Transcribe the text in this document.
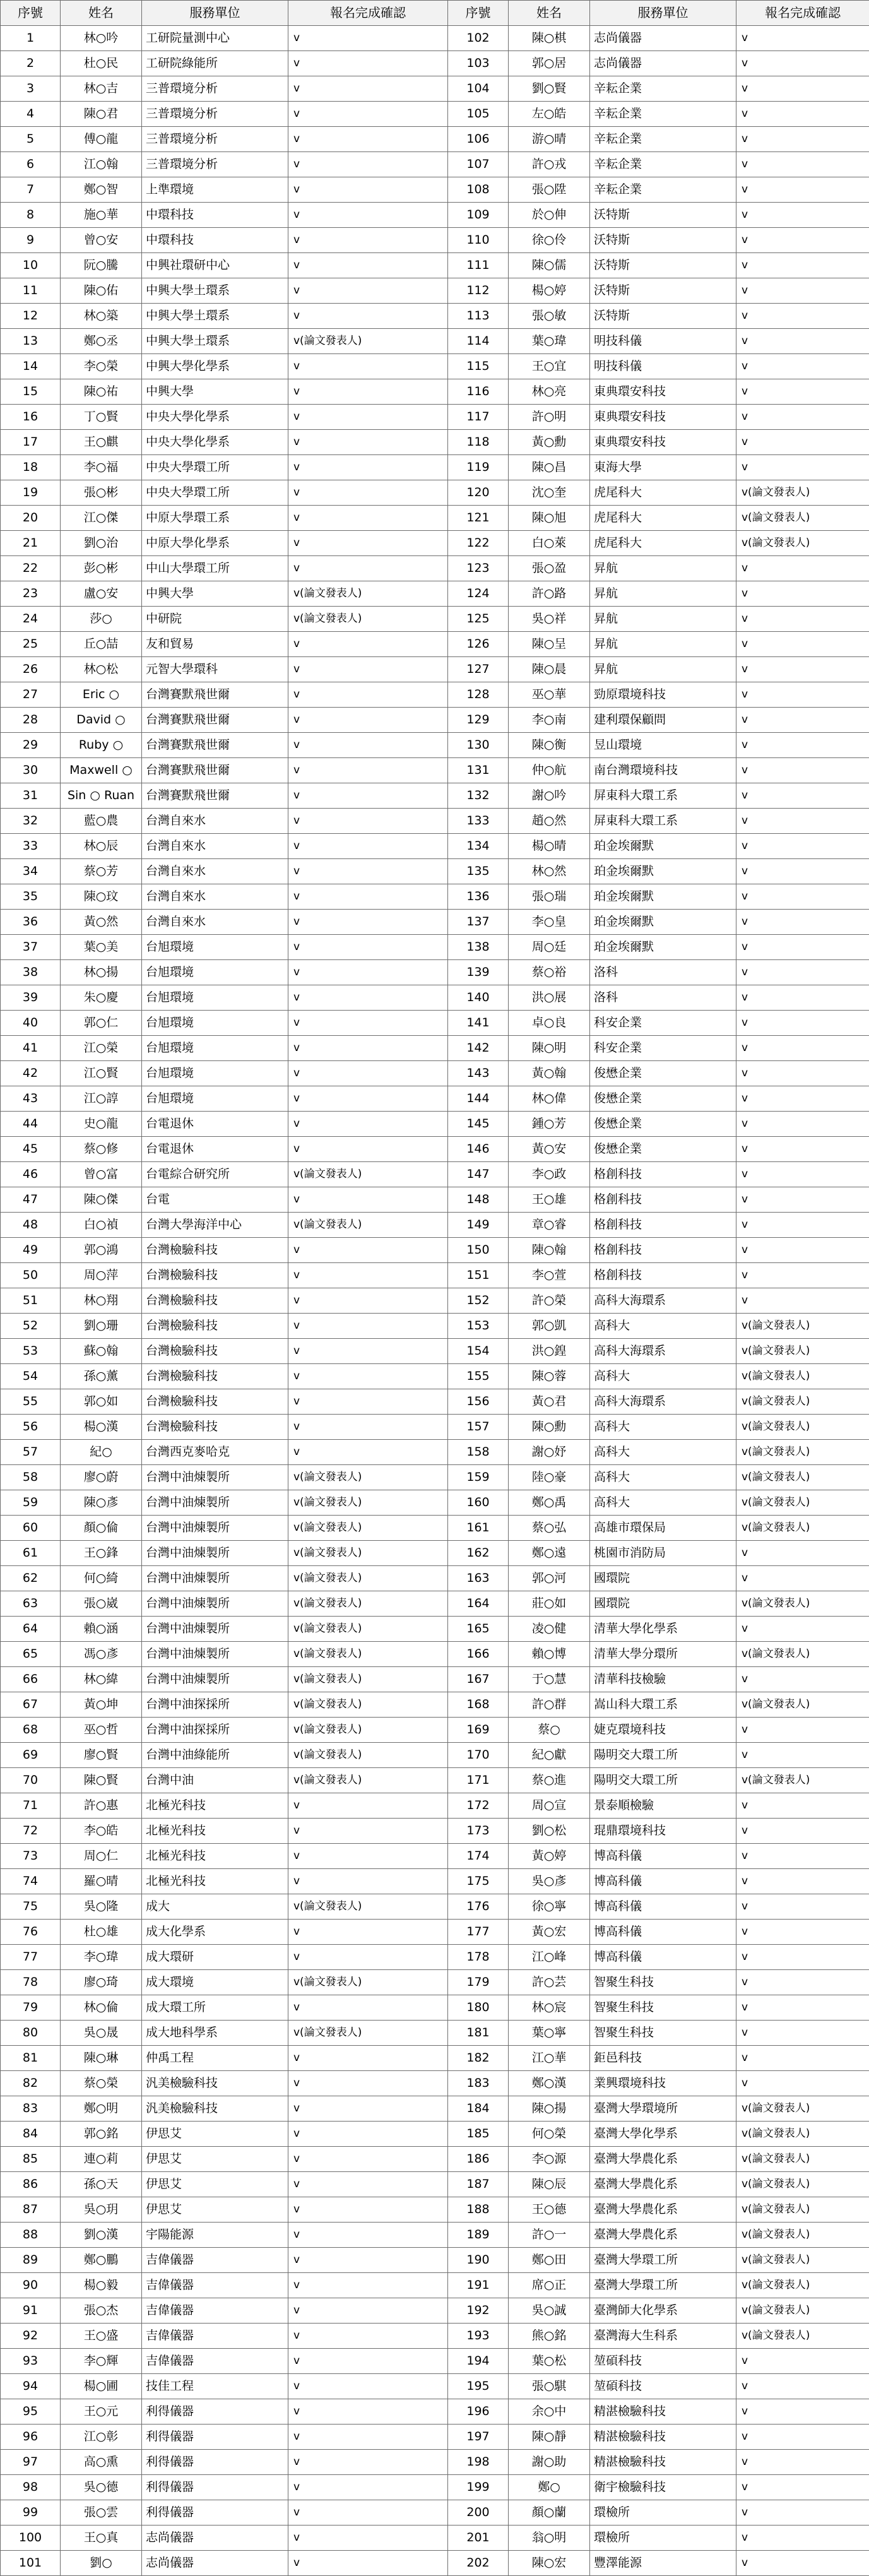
序號	姓名	服務單位	報名完成確認	序號	姓名	服務單位	報名完成確認
1	林○吟	工研院量測中心	v	102	陳○棋	志尚儀器	v
2	杜○民	工研院綠能所	v	103	郭○居	志尚儀器	v
3	林○吉	三普環境分析	v	104	劉○賢	辛耘企業	v
4	陳○君	三普環境分析	v	105	左○皓	辛耘企業	v
5	傅○龍	三普環境分析	v	106	游○晴	辛耘企業	v
6	江○翰	三普環境分析	v	107	許○戎	辛耘企業	v
7	鄭○智	上準環境	v	108	張○陞	辛耘企業	v
8	施○華	中環科技	v	109	於○伸	沃特斯	v
9	曾○安	中環科技	v	110	徐○伶	沃特斯	v
10	阮○騰	中興社環研中心	v	111	陳○儒	沃特斯	v
11	陳○佑	中興大學土環系	v	112	楊○婷	沃特斯	v
12	林○築	中興大學土環系	v	113	張○敏	沃特斯	v
13	鄭○丞	中興大學土環系	v(論文發表人)	114	葉○瑋	明技科儀	v
14	李○榮	中興大學化學系	v	115	王○宜	明技科儀	v
15	陳○祐	中興大學	v	116	林○亮	東典環安科技	v
16	丁○賢	中央大學化學系	v	117	許○明	東典環安科技	v
17	王○麒	中央大學化學系	v	118	黃○勳	東典環安科技	v
18	李○福	中央大學環工所	v	119	陳○昌	東海大學	v
19	張○彬	中央大學環工所	v	120	沈○奎	虎尾科大	v(論文發表人)
20	江○傑	中原大學環工系	v	121	陳○旭	虎尾科大	v(論文發表人)
21	劉○治	中原大學化學系	v	122	白○萊	虎尾科大	v(論文發表人)
22	彭○彬	中山大學環工所	v	123	張○盈	昇航	v
23	盧○安	中興大學	v(論文發表人)	124	許○路	昇航	v
24	莎○	中研院	v(論文發表人)	125	吳○祥	昇航	v
25	丘○喆	友和貿易	v	126	陳○呈	昇航	v
26	林○松	元智大學環科	v	127	陳○晨	昇航	v
27	Eric ○	台灣賽默飛世爾	v	128	巫○華	勁原環境科技	v
28	David ○	台灣賽默飛世爾	v	129	李○南	建利環保顧問	v
29	Ruby ○	台灣賽默飛世爾	v	130	陳○衡	昱山環境	v
30	Maxwell ○	台灣賽默飛世爾	v	131	仲○航	南台灣環境科技	v
31	Sin ○ Ruan	台灣賽默飛世爾	v	132	謝○吟	屏東科大環工系	v
32	藍○農	台灣自來水	v	133	趙○然	屏東科大環工系	v
33	林○辰	台灣自來水	v	134	楊○晴	珀金埃爾默	v
34	蔡○芳	台灣自來水	v	135	林○然	珀金埃爾默	v
35	陳○玟	台灣自來水	v	136	張○瑞	珀金埃爾默	v
36	黃○然	台灣自來水	v	137	李○皇	珀金埃爾默	v
37	葉○美	台旭環境	v	138	周○廷	珀金埃爾默	v
38	林○揚	台旭環境	v	139	蔡○裕	洛科	v
39	朱○慶	台旭環境	v	140	洪○展	洛科	v
40	郭○仁	台旭環境	v	141	卓○良	科安企業	v
41	江○榮	台旭環境	v	142	陳○明	科安企業	v
42	江○賢	台旭環境	v	143	黃○翰	俊懋企業	v
43	江○諄	台旭環境	v	144	林○偉	俊懋企業	v
44	史○龍	台電退休	v	145	鍾○芳	俊懋企業	v
45	蔡○修	台電退休	v	146	黃○安	俊懋企業	v
46	曾○富	台電綜合研究所	v(論文發表人)	147	李○政	格創科技	v
47	陳○傑	台電	v	148	王○雄	格創科技	v
48	白○禎	台灣大學海洋中心	v(論文發表人)	149	章○睿	格創科技	v
49	郭○鴻	台灣檢驗科技	v	150	陳○翰	格創科技	v
50	周○萍	台灣檢驗科技	v	151	李○萱	格創科技	v
51	林○翔	台灣檢驗科技	v	152	許○榮	高科大海環系	v
52	劉○珊	台灣檢驗科技	v	153	郭○凱	高科大	v(論文發表人)
53	蘇○翰	台灣檢驗科技	v	154	洪○鍠	高科大海環系	v(論文發表人)
54	孫○薰	台灣檢驗科技	v	155	陳○蓉	高科大	v(論文發表人)
55	郭○如	台灣檢驗科技	v	156	黃○君	高科大海環系	v(論文發表人)
56	楊○漢	台灣檢驗科技	v	157	陳○勳	高科大	v(論文發表人)
57	紀○	台灣西克麥哈克	v	158	謝○妤	高科大	v(論文發表人)
58	廖○蔚	台灣中油煉製所	v(論文發表人)	159	陸○豪	高科大	v(論文發表人)
59	陳○彥	台灣中油煉製所	v(論文發表人)	160	鄭○禹	高科大	v(論文發表人)
60	顏○倫	台灣中油煉製所	v(論文發表人)	161	蔡○弘	高雄市環保局	v(論文發表人)
61	王○鋒	台灣中油煉製所	v(論文發表人)	162	鄭○遠	桃園市消防局	v
62	何○綺	台灣中油煉製所	v(論文發表人)	163	郭○河	國環院	v
63	張○崴	台灣中油煉製所	v(論文發表人)	164	莊○如	國環院	v(論文發表人)
64	賴○涵	台灣中油煉製所	v(論文發表人)	165	凌○健	清華大學化學系	v
65	馮○彥	台灣中油煉製所	v(論文發表人)	166	賴○博	清華大學分環所	v(論文發表人)
66	林○緯	台灣中油煉製所	v(論文發表人)	167	于○慧	清華科技檢驗	v
67	黃○坤	台灣中油探採所	v(論文發表人)	168	許○群	嵩山科大環工系	v(論文發表人)
68	巫○哲	台灣中油探採所	v(論文發表人)	169	蔡○	婕克環境科技	v
69	廖○賢	台灣中油綠能所	v(論文發表人)	170	紀○獻	陽明交大環工所	v
70	陳○賢	台灣中油	v(論文發表人)	171	蔡○進	陽明交大環工所	v(論文發表人)
71	許○惠	北極光科技	v	172	周○宣	景泰順檢驗	v
72	李○皓	北極光科技	v	173	劉○松	琨鼎環境科技	v
73	周○仁	北極光科技	v	174	黃○婷	博高科儀	v
74	羅○晴	北極光科技	v	175	吳○彥	博高科儀	v
75	吳○隆	成大	v(論文發表人)	176	徐○寧	博高科儀	v
76	杜○雄	成大化學系	v	177	黃○宏	博高科儀	v
77	李○瑋	成大環研	v	178	江○峰	博高科儀	v
78	廖○琦	成大環境	v(論文發表人)	179	許○芸	智聚生科技	v
79	林○倫	成大環工所	v	180	林○宸	智聚生科技	v
80	吳○晟	成大地科學系	v(論文發表人)	181	葉○寧	智聚生科技	v
81	陳○琳	仲禹工程	v	182	江○華	鉅邑科技	v
82	蔡○榮	汎美檢驗科技	v	183	鄭○漢	業興環境科技	v
83	鄭○明	汎美檢驗科技	v	184	陳○揚	臺灣大學環境所	v(論文發表人)
84	郭○銘	伊思艾	v	185	何○榮	臺灣大學化學系	v(論文發表人)
85	連○莉	伊思艾	v	186	李○源	臺灣大學農化系	v(論文發表人)
86	孫○天	伊思艾	v	187	陳○辰	臺灣大學農化系	v(論文發表人)
87	吳○玥	伊思艾	v	188	王○德	臺灣大學農化系	v(論文發表人)
88	劉○漢	宇陽能源	v	189	許○一	臺灣大學農化系	v(論文發表人)
89	鄭○鵬	吉偉儀器	v	190	鄭○田	臺灣大學環工所	v(論文發表人)
90	楊○毅	吉偉儀器	v	191	席○正	臺灣大學環工所	v(論文發表人)
91	張○杰	吉偉儀器	v	192	吳○誠	臺灣師大化學系	v(論文發表人)
92	王○盛	吉偉儀器	v	193	熊○銘	臺灣海大生科系	v(論文發表人)
93	李○輝	吉偉儀器	v	194	葉○松	堃碩科技	v
94	楊○圃	技佳工程	v	195	張○騏	堃碩科技	v
95	王○元	利得儀器	v	196	余○中	精湛檢驗科技	v
96	江○彰	利得儀器	v	197	陳○靜	精湛檢驗科技	v
97	高○熏	利得儀器	v	198	謝○助	精湛檢驗科技	v
98	吳○德	利得儀器	v	199	鄭○	衛宇檢驗科技	v
99	張○雲	利得儀器	v	200	顏○蘭	環檢所	v
100	王○真	志尚儀器	v	201	翁○明	環檢所	v
101	劉○	志尚儀器	v	202	陳○宏	豐澤能源	v
